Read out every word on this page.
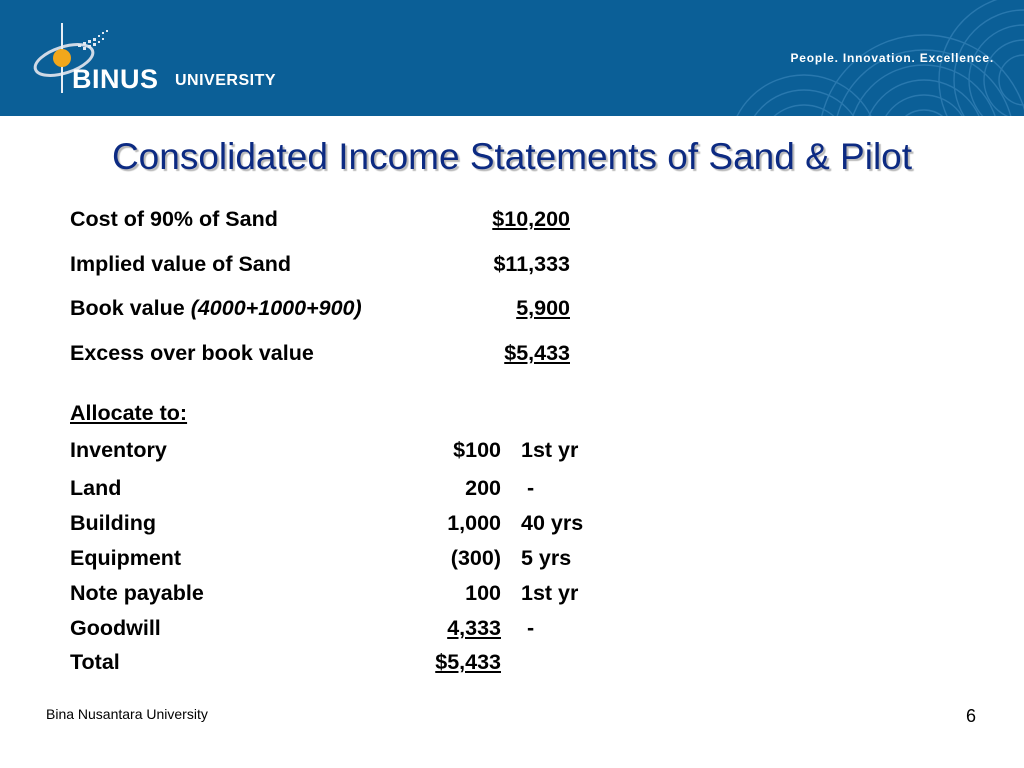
BINUS UNIVERSITY
People. Innovation. Excellence.
Consolidated Income Statements of Sand & Pilot
Cost of 90% of Sand	$10,200
Implied value of Sand	$11,333
Book value (4000+1000+900)	5,900
Excess over book value	$5,433
Allocate to:
Inventory	$100 1st yr
Land	200 -
Building	1,000 40 yrs
Equipment	(300) 5 yrs
Note payable	100 1st yr
Goodwill	4,333 -
Total	$5,433
Bina Nusantara University	6
